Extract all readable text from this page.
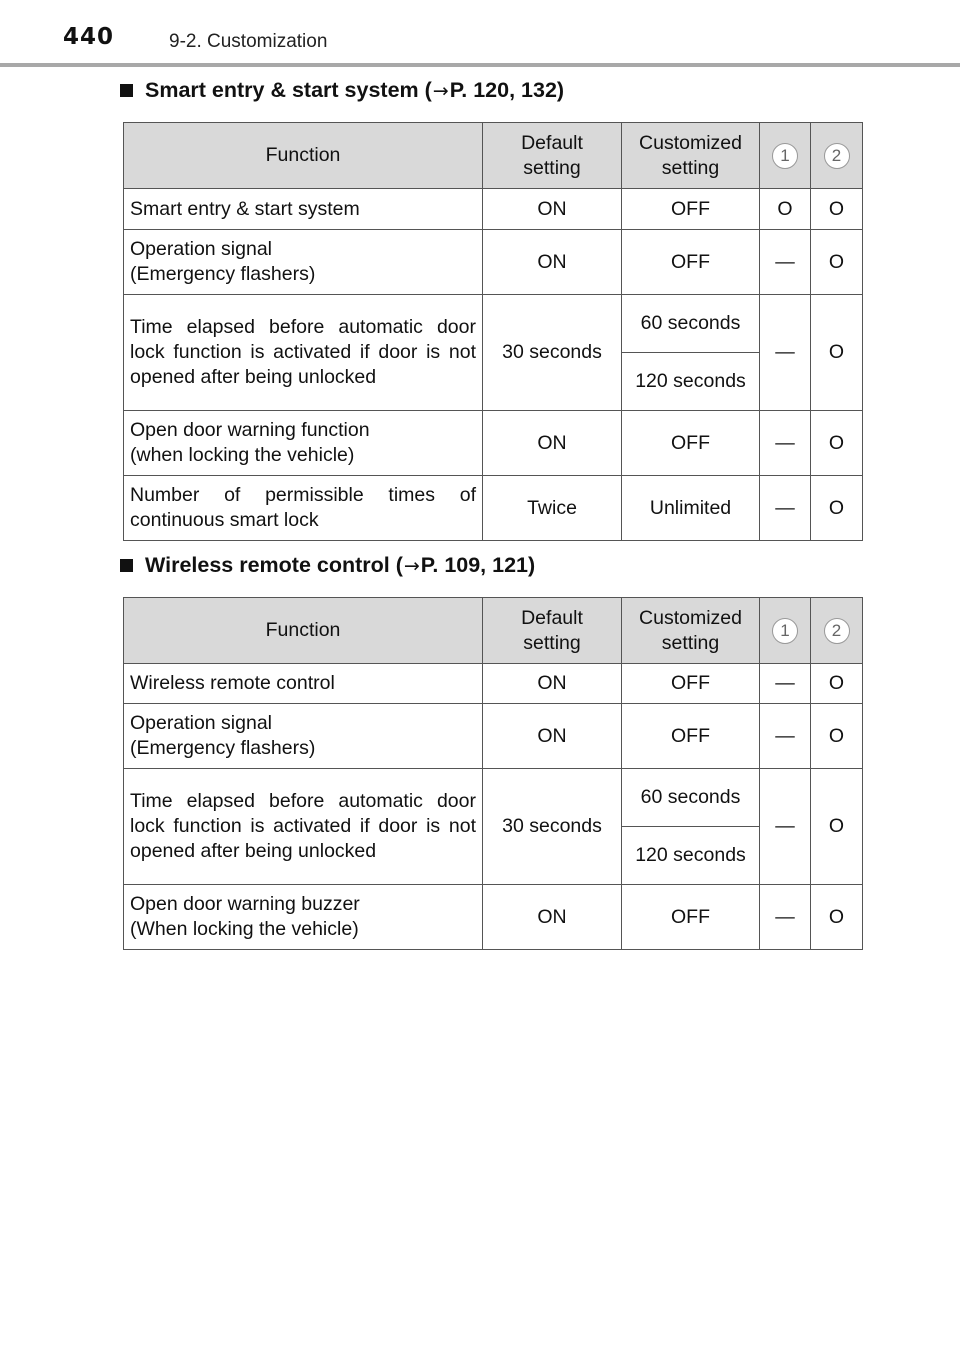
440	9-2. Customization
Smart entry & start system ( → P. 120, 132)
Function	Default setting	Customized setting	1	2
Smart entry & start system	ON	OFF	O	O
Operation signal
(Emergency flashers)	ON	OFF	—	O
Time elapsed before automatic door lock function is activated if door is not opened after being unlocked	30 seconds	60 seconds	—	O
		120 seconds		
Open door warning function
(when locking the vehicle)	ON	OFF	—	O
Number of permissible times of continuous smart lock	Twice	Unlimited	—	O
Wireless remote control ( → P. 109, 121)
Function	Default setting	Customized setting	1	2
Wireless remote control	ON	OFF	—	O
Operation signal
(Emergency flashers)	ON	OFF	—	O
Time elapsed before automatic door lock function is activated if door is not opened after being unlocked	30 seconds	60 seconds	—	O
		120 seconds		
Open door warning buzzer
(When locking the vehicle)	ON	OFF	—	O
